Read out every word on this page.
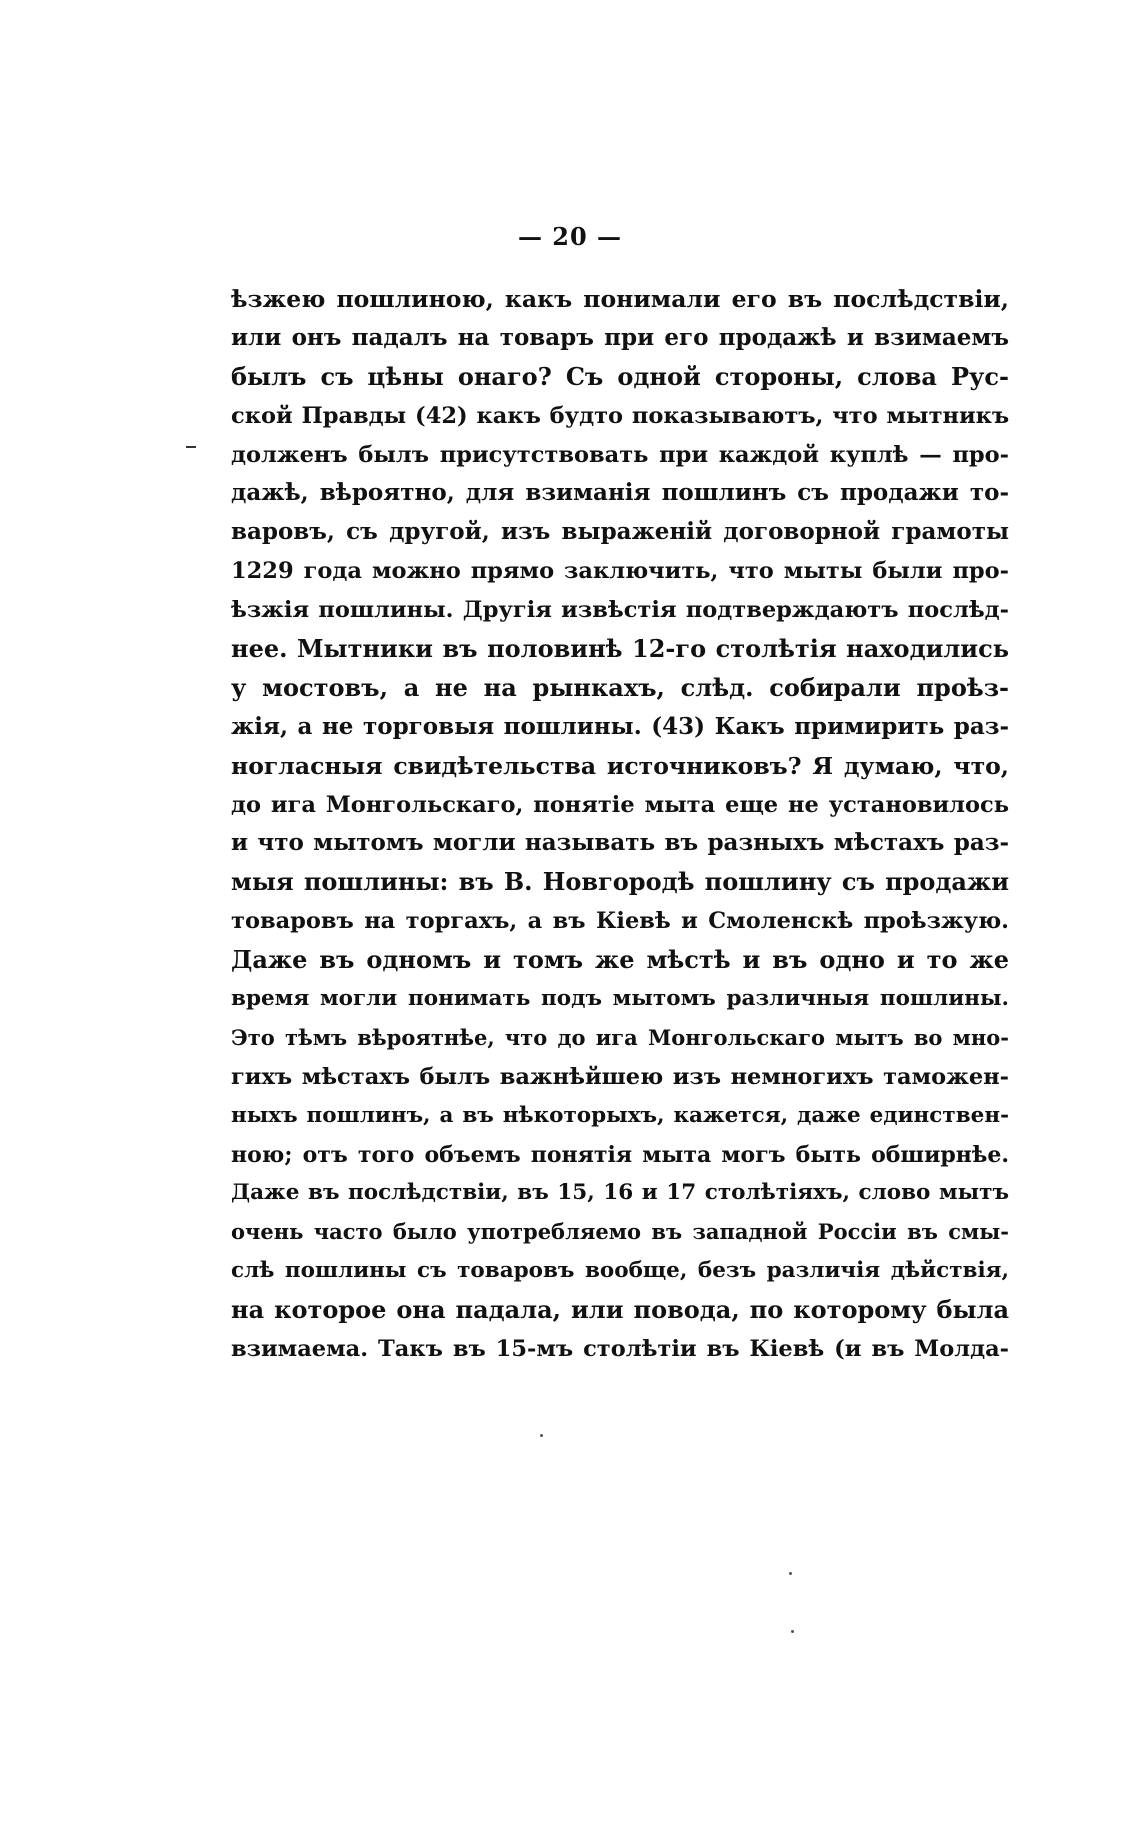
— 20 —
ѣзжею пошлиною, какъ понимали его въ послѣдствіи,
или онъ падалъ на товаръ при его продажѣ и взимаемъ
былъ съ цѣны онаго? Съ одной стороны, слова Рус-
ской Правды (42) какъ будто показываютъ, что мытникъ
долженъ былъ присутствовать при каждой куплѣ — про-
дажѣ, вѣроятно, для взиманія пошлинъ съ продажи то-
варовъ, съ другой, изъ выраженій договорной грамоты
1229 года можно прямо заключить, что мыты были про-
ѣзжія пошлины. Другія извѣстія подтверждаютъ послѣд-
нее. Мытники въ половинѣ 12-го столѣтія находились
у мостовъ, а не на рынкахъ, слѣд. собирали проѣз-
жія, а не торговыя пошлины. (43) Какъ примирить раз-
ногласныя свидѣтельства источниковъ? Я думаю, что,
до ига Монгольскаго, понятіе мыта еще не установилось
и что мытомъ могли называть въ разныхъ мѣстахъ раз-
мыя пошлины: въ В. Новгородѣ пошлину съ продажи
товаровъ на торгахъ, а въ Кіевѣ и Смоленскѣ проѣзжую.
Даже въ одномъ и томъ же мѣстѣ и въ одно и то же
время могли понимать подъ мытомъ различныя пошлины.
Это тѣмъ вѣроятнѣе, что до ига Монгольскаго мытъ во мно-
гихъ мѣстахъ былъ важнѣйшею изъ немногихъ таможен-
ныхъ пошлинъ, а въ нѣкоторыхъ, кажется, даже единствен-
ною; отъ того объемъ понятія мыта могъ быть обширнѣе.
Даже въ послѣдствіи, въ 15, 16 и 17 столѣтіяхъ, слово мытъ
очень часто было употребляемо въ западной Россіи въ смы-
слѣ пошлины съ товаровъ вообще, безъ различія дѣйствія,
на которое она падала, или повода, по которому была
взимаема. Такъ въ 15-мъ столѣтіи въ Кіевѣ (и въ Молда-
